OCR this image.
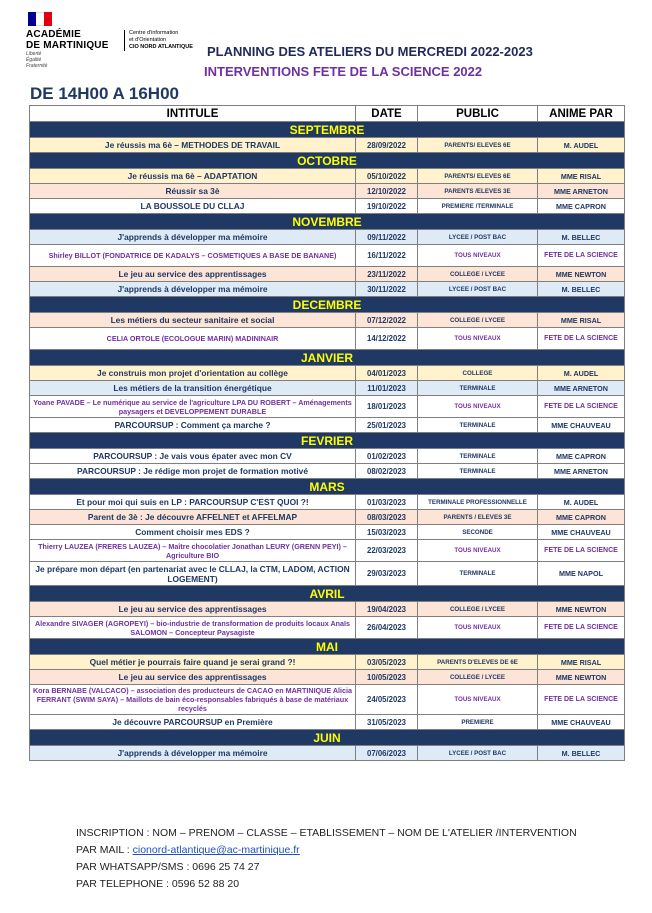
ACADÉMIE
DE MARTINIQUE
Liberté
Égalité
Fraternité
Centre d'information
et d'Orientation
CIO NORD ATLANTIQUE PLANNING DES ATELIERS DU MERCREDI 2022-2023
INTERVENTIONS FETE DE LA SCIENCE 2022
DE 14H00 A 16H00
INTITULE	DATE	PUBLIC	ANIME PAR
SEPTEMBRE			
Je réussis ma 6è – METHODES DE TRAVAIL	28/09/2022	PARENTS/ ELEVES 6E	M. AUDEL
OCTOBRE			
Je réussis ma 6è – ADAPTATION	05/10/2022	PARENTS/ ELEVES 6E	MME RISAL
Réussir sa 3è	12/10/2022	PARENTS /ELEVES 3E	MME ARNETON
LA BOUSSOLE DU CLLAJ	19/10/2022	PREMIERE /TERMINALE	MME CAPRON
NOVEMBRE			
J'apprends à développer ma mémoire	09/11/2022	LYCEE / POST BAC	M. BELLEC
Shirley BILLOT (FONDATRICE DE KADALYS – COSMETIQUES A BASE DE BANANE)	16/11/2022	TOUS NIVEAUX	FETE DE LA SCIENCE
Le jeu au service des apprentissages	23/11/2022	COLLEGE / LYCEE	MME NEWTON
J'apprends à développer ma mémoire	30/11/2022	LYCEE / POST BAC	M. BELLEC
DECEMBRE			
Les métiers du secteur sanitaire et social	07/12/2022	COLLEGE / LYCEE	MME RISAL
CELIA ORTOLE (ECOLOGUE MARIN) MADININAIR	14/12/2022	TOUS NIVEAUX	FETE DE LA SCIENCE
JANVIER			
Je construis mon projet d'orientation au collège	04/01/2023	COLLEGE	M. AUDEL
Les métiers de la transition énergétique	11/01/2023	TERMINALE	MME ARNETON
Yoane PAVADE – Le numérique au service de l'agriculture LPA DU ROBERT – Aménagements paysagers et DEVELOPPEMENT DURABLE	18/01/2023	TOUS NIVEAUX	FETE DE LA SCIENCE
PARCOURSUP : Comment ça marche ?	25/01/2023	TERMINALE	MME CHAUVEAU
FEVRIER			
PARCOURSUP : Je vais vous épater avec mon CV	01/02/2023	TERMINALE	MME CAPRON
PARCOURSUP : Je rédige mon projet de formation motivé	08/02/2023	TERMINALE	MME ARNETON
MARS			
Et pour moi qui suis en LP : PARCOURSUP C'EST QUOI ?!	01/03/2023	TERMINALE PROFESSIONNELLE	M. AUDEL
Parent de 3è : Je découvre AFFELNET et AFFELMAP	08/03/2023	PARENTS / ELEVES 3E	MME CAPRON
Comment choisir mes EDS ?	15/03/2023	SECONDE	MME CHAUVEAU
Thierry LAUZEA (FRERES LAUZEA) – Maître chocolatier Jonathan LEURY (GRENN PEYI) – Agriculture BIO	22/03/2023	TOUS NIVEAUX	FETE DE LA SCIENCE
Je prépare mon départ (en partenariat avec le CLLAJ, la CTM, LADOM, ACTION LOGEMENT)	29/03/2023	TERMINALE	MME NAPOL
AVRIL			
Le jeu au service des apprentissages	19/04/2023	COLLEGE / LYCEE	MME NEWTON
Alexandre SIVAGER (AGROPEYI) – bio-industrie de transformation de produits locaux Anaïs SALOMON – Concepteur Paysagiste	26/04/2023	TOUS NIVEAUX	FETE DE LA SCIENCE
MAI			
Quel métier je pourrais faire quand je serai grand ?!	03/05/2023	PARENTS D'ELEVES DE 6E	MME RISAL
Le jeu au service des apprentissages	10/05/2023	COLLEGE / LYCEE	MME NEWTON
Kora BERNABE (VALCACO) – association des producteurs de CACAO en MARTINIQUE Alicia FERRANT (SWIM SAYA) – Maillots de bain éco-responsables fabriqués à base de matériaux recyclés	24/05/2023	TOUS NIVEAUX	FETE DE LA SCIENCE
Je découvre PARCOURSUP en Première	31/05/2023	PREMIERE	MME CHAUVEAU
JUIN			
J'apprends à développer ma mémoire	07/06/2023	LYCEE / POST BAC	M. BELLEC
INSCRIPTION : NOM – PRENOM – CLASSE – ETABLISSEMENT – NOM DE L'ATELIER /INTERVENTION
PAR MAIL : cionord-atlantique@ac-martinique.fr
PAR WHATSAPP/SMS : 0696 25 74 27
PAR TELEPHONE : 0596 52 88 20
